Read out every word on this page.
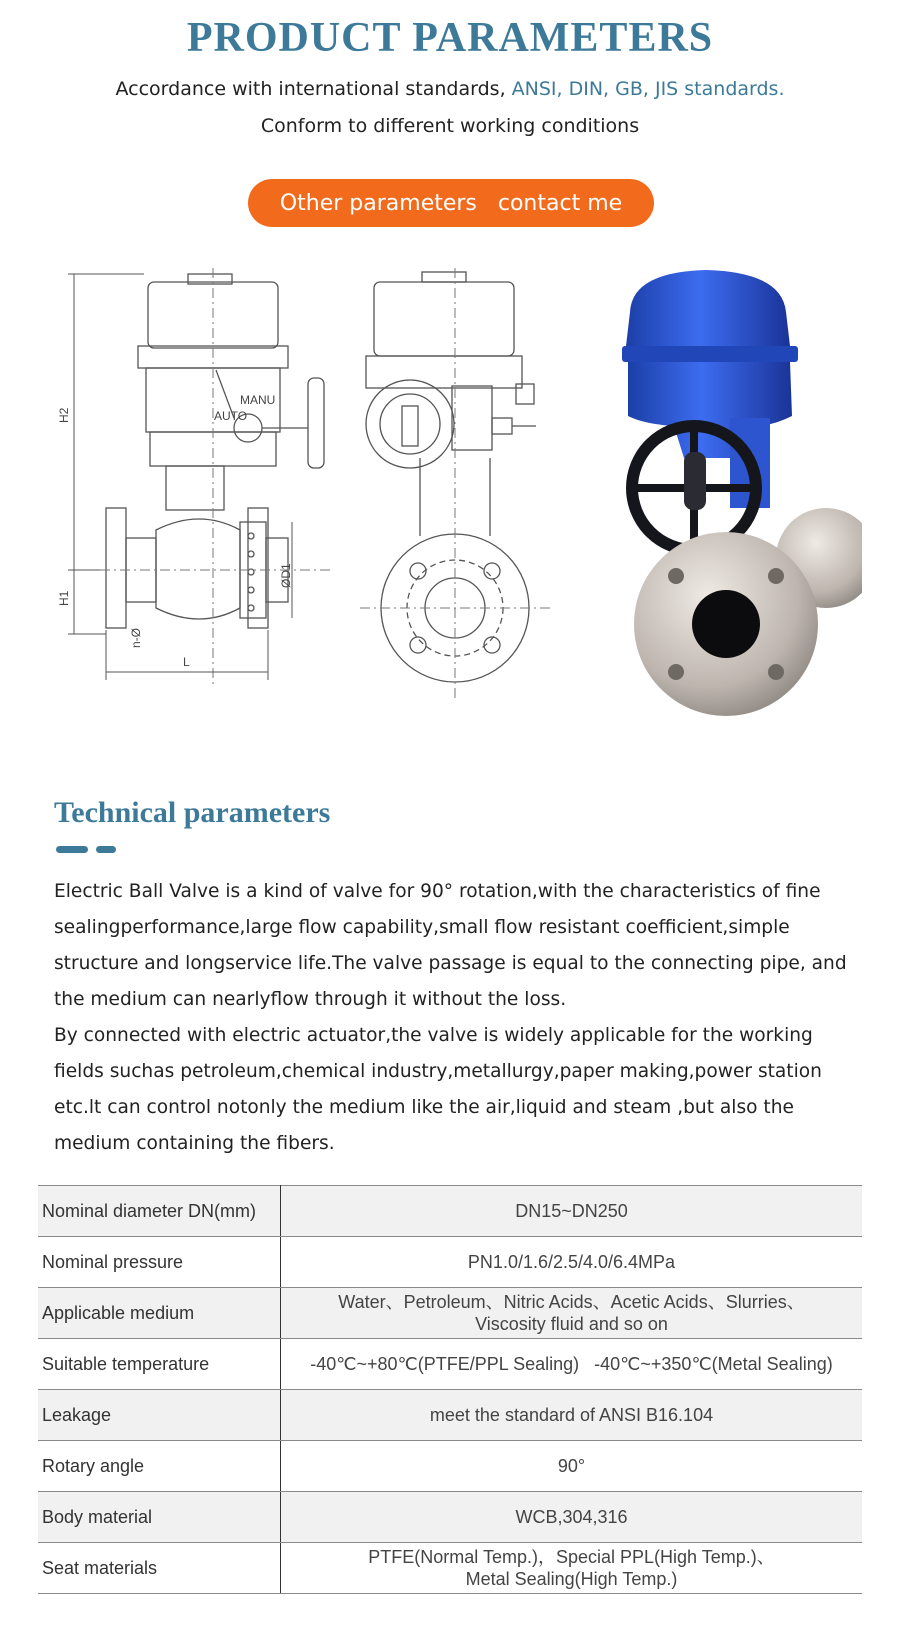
PRODUCT PARAMETERS
Accordance with international standards, ANSI, DIN, GB, JIS standards.
Conform to different working conditions
Other parameters   contact me
H2
H1
L
ØD1
n-Ø
MANU
AUTO
Technical parameters

Electric Ball Valve is a kind of valve for 90° rotation,with the characteristics of fine sealingperformance,large flow capability,small flow resistant coefficient,simple structure and longservice life.The valve passage is equal to the connecting pipe, and the medium can nearlyflow through it without the loss.

By connected with electric actuator,the valve is widely applicable for the working fields suchas petroleum,chemical industry,metallurgy,paper making,power station etc.lt can control notonly the medium like the air,liquid and steam ,but also the medium containing the fibers.

Nominal diameter DN(mm)	DN15~DN250
Nominal pressure	PN1.0/1.6/2.5/4.0/6.4MPa
Applicable medium	Water、Petroleum、Nitric Acids、Acetic Acids、Slurries、
Viscosity fluid and so on

Suitable temperature	-40℃~+80℃(PTFE/PPL Sealing)   -40℃~+350℃(Metal Sealing)
Leakage	meet the standard of ANSI B16.104
Rotary angle	90°
Body material	WCB,304,316
Seat materials	PTFE(Normal Temp.)，Special PPL(High Temp.)、
Metal Sealing(High Temp.)
